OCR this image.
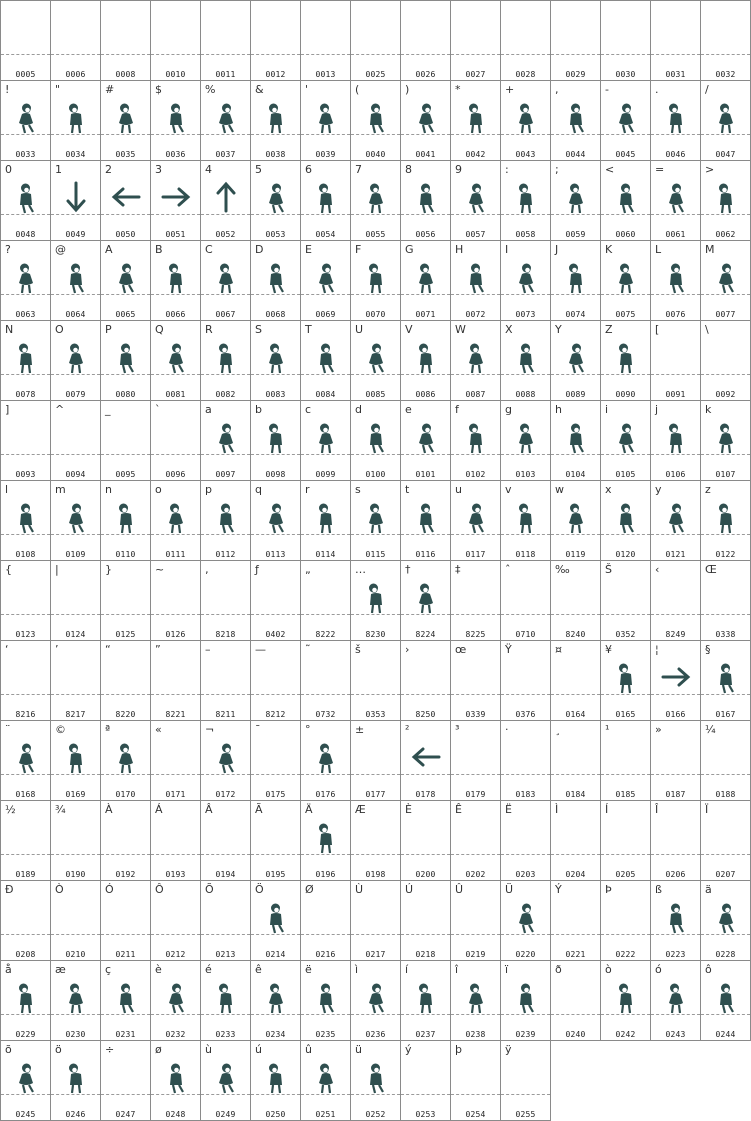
0005	0006	0008	0010	0011	0012	0013	0025	0026	0027	0028	0029	0030	0031	0032
!
0033
"
0034
#
0035
$
0036
%
0037
&
0038
'
0039
(
0040
)
0041
*
0042
+
0043
,
0044
-
0045
.
0046
/
0047
0
0048
1
0049
2
0050
3
0051
4
0052
5
0053
6
0054
7
0055
8
0056
9
0057
:
0058
;
0059
<
0060
=
0061
>
0062
?
0063
@
0064
A
0065
B
0066
C
0067
D
0068
E
0069
F
0070
G
0071
H
0072
I
0073
J
0074
K
0075
L
0076
M
0077
N
0078
O
0079
P
0080
Q
0081
R
0082
S
0083
T
0084
U
0085
V
0086
W
0087
X
0088
Y
0089
Z
0090
[
0091
\
0092
]
0093
^
0094
_
0095
`
0096
a
0097
b
0098
c
0099
d
0100
e
0101
f
0102
g
0103
h
0104
i
0105
j
0106
k
0107
l
0108
m
0109
n
0110
o
0111
p
0112
q
0113
r
0114
s
0115
t
0116
u
0117
v
0118
w
0119
x
0120
y
0121
z
0122
{
0123
|
0124
}
0125
~
0126
‚
8218
ƒ
0402
„
8222
…
8230
†
8224
‡
8225
ˆ
0710
‰
8240
Š
0352
‹
8249
Œ
0338
‘
8216
’
8217
“
8220
”
8221
–
8211
—
8212
˜
0732
š
0353
›
8250
œ
0339
Ÿ
0376
¤
0164
¥
0165
¦
0166
§
0167
¨
0168
©
0169
ª
0170
«
0171
¬
0172
¯
0175
°
0176
±
0177
²
0178
³
0179
·
0183
¸
0184
¹
0185
»
0187
¼
0188
½
0189
¾
0190
À
0192
Á
0193
Â
0194
Ã
0195
Ä
0196
Æ
0198
È
0200
Ê
0202
Ë
0203
Ì
0204
Í
0205
Î
0206
Ï
0207
Ð
0208
Ò
0210
Ó
0211
Ô
0212
Õ
0213
Ö
0214
Ø
0216
Ù
0217
Ú
0218
Û
0219
Ü
0220
Ý
0221
Þ
0222
ß
0223
ä
0228
å
0229
æ
0230
ç
0231
è
0232
é
0233
ê
0234
ë
0235
ì
0236
í
0237
î
0238
ï
0239
ð
0240
ò
0242
ó
0243
ô
0244
õ
0245
ö
0246
÷
0247
ø
0248
ù
0249
ú
0250
û
0251
ü
0252
ý
0253
þ
0254
ÿ
0255
